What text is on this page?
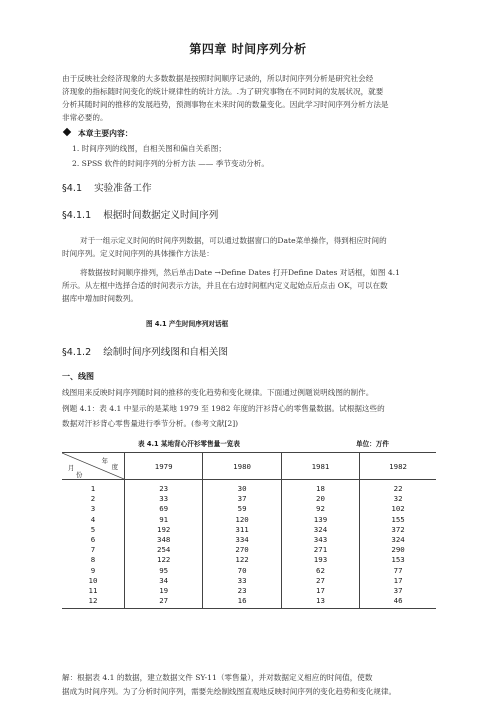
第四章 时间序列分析
由于反映社会经济现象的大多数数据是按照时间顺序记录的，所以时间序列分析是研究社会经
济现象的指标随时间变化的统计规律性的统计方法。.为了研究事物在不同时间的发展状况，就要
分析其随时间的推移的发展趋势，预测事物在未来时间的数量变化。因此学习时间序列分析方法是
非常必要的。
本章主要内容：
1. 时间序列的线图，自相关图和偏自关系图；
2. SPSS 软件的时间序列的分析方法 —— 季节变动分析。
§4.1 实验准备工作
§4.1.1 根据时间数据定义时间序列
对于一组示定义时间的时间序列数据，可以通过数据窗口的Date菜单操作，得到相应时间的
时间序列。定义时间序列的具体操作方法是：
将数据按时间顺序排列，然后单击Date →Define Dates 打开Define Dates 对话框，如图 4.1
所示。从左框中选择合适的时间表示方法，并且在右边时间框内定义起始点后点击 OK，可以在数
据库中增加时间数列。
图 4.1 产生时间序列对话框
§4.1.2 绘制时间序列线图和自相关图
一、线图
线图用来反映时间序列随时间的推移的变化趋势和变化规律。下面通过例题说明线图的制作。
例题 4.1：表 4.1 中显示的是某地 1979 至 1982 年度的汗衫背心的零售量数据。试根据这些的
数据对汗衫背心零售量进行季节分析。(参考文献[2])
表 4.1 某地背心汗衫零售量一览表	单位：万件
年
度
月
份	1979	1980	1981	1982
1	23	30	18	22
2	33	37	20	32
3	69	59	92	102
4	91	120	139	155
5	192	311	324	372
6	348	334	343	324
7	254	270	271	290
8	122	122	193	153
9	95	70	62	77
10	34	33	27	17
11	19	23	17	37
12	27	16	13	46
解：根据表 4.1 的数据，建立数据文件 SY-11（零售量），并对数据定义相应的时间值，使数
据成为时间序列。为了分析时间序列，需要先绘制线图直观地反映时间序列的变化趋势和变化规律。
